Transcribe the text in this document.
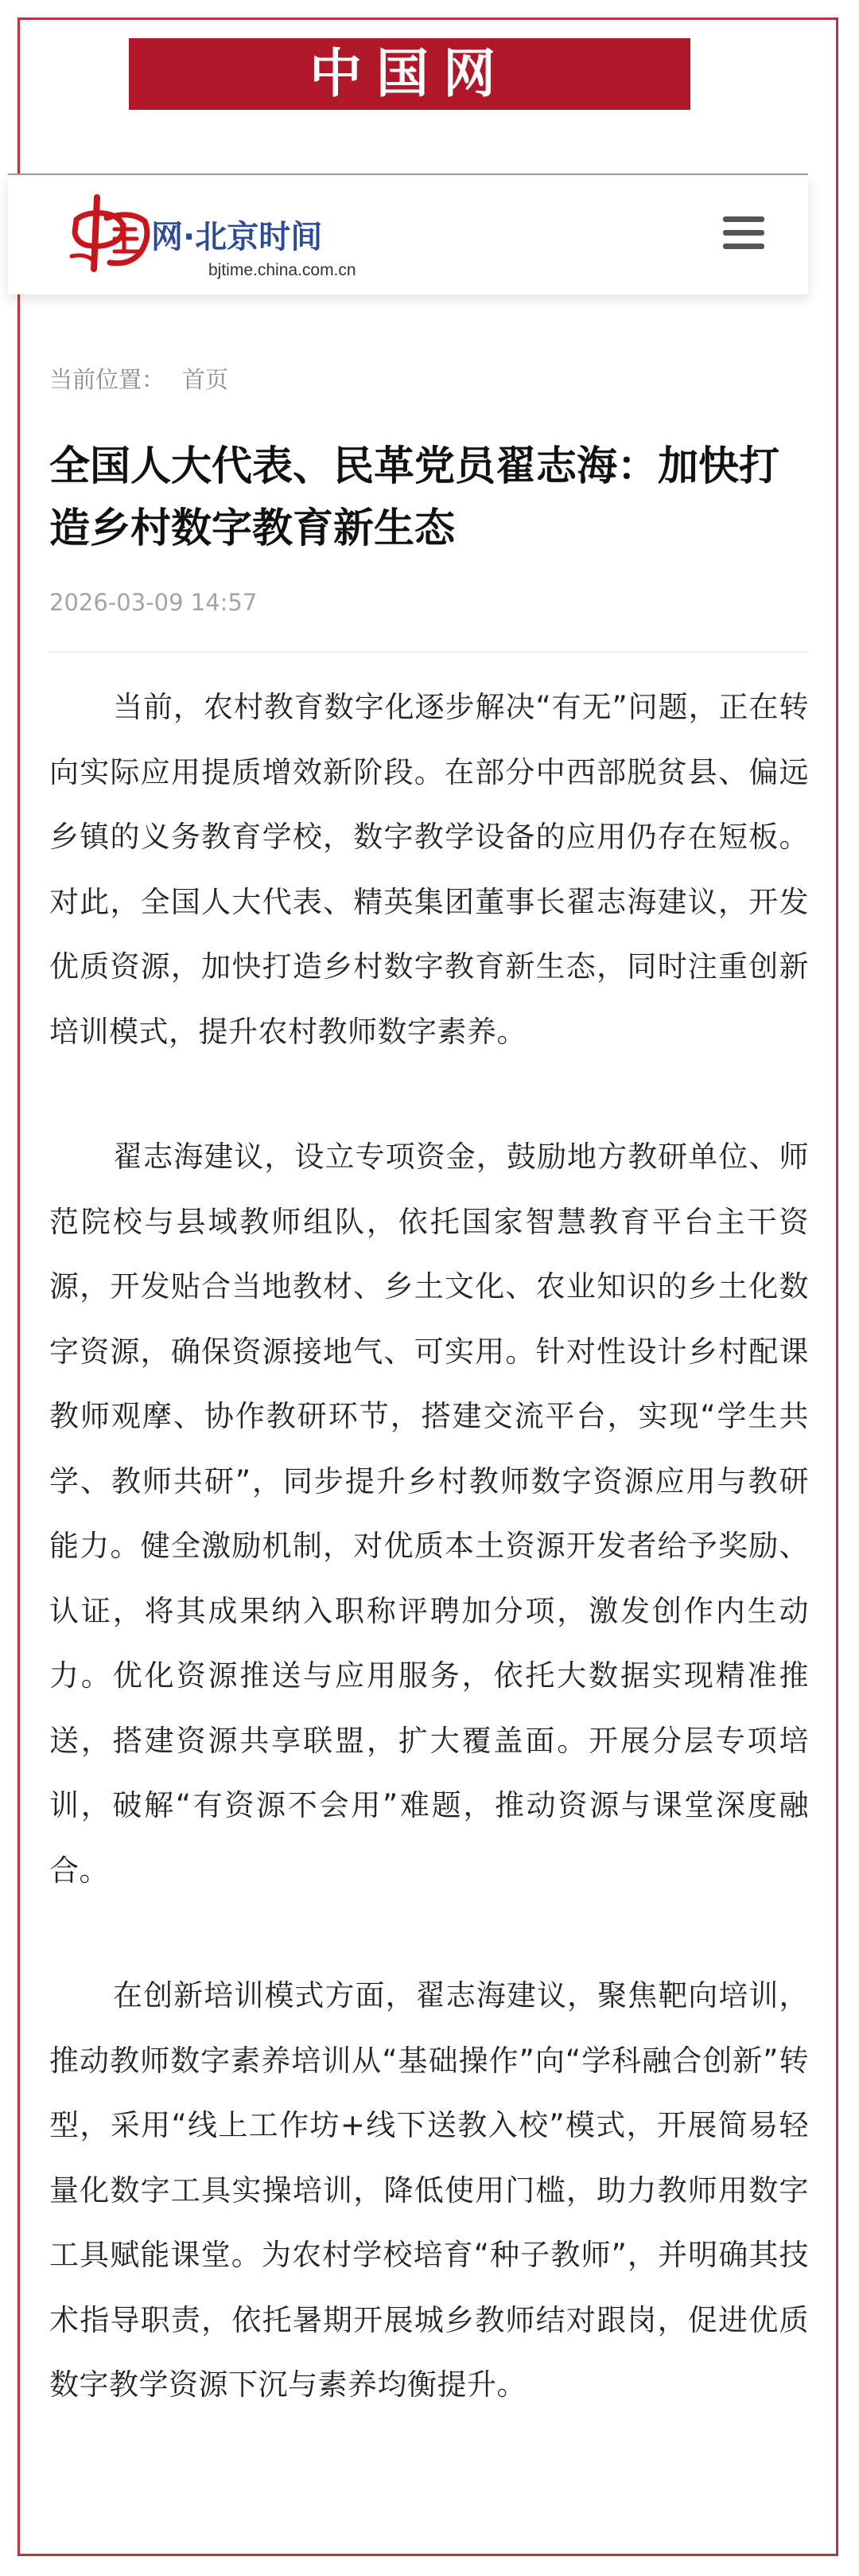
中国网
网·北京时间
bjtime.china.com.cn
当前位置： 首页
全国人大代表、民革党员翟志海：加快打造乡村数字教育新生态
2026-03-09 14:57

当前，农村教育数字化逐步解决“有无”问题，正在转向实际应用提质增效新阶段。在部分中西部脱贫县、偏远乡镇的义务教育学校，数字教学设备的应用仍存在短板。对此，全国人大代表、精英集团董事长翟志海建议，开发优质资源，加快打造乡村数字教育新生态，同时注重创新培训模式，提升农村教师数字素养。

翟志海建议，设立专项资金，鼓励地方教研单位、师范院校与县域教师组队，依托国家智慧教育平台主干资源，开发贴合当地教材、乡土文化、农业知识的乡土化数字资源，确保资源接地气、可实用。针对性设计乡村配课教师观摩、协作教研环节，搭建交流平台，实现“学生共学、教师共研”，同步提升乡村教师数字资源应用与教研能力。健全激励机制，对优质本土资源开发者给予奖励、认证，将其成果纳入职称评聘加分项，激发创作内生动力。优化资源推送与应用服务，依托大数据实现精准推送，搭建资源共享联盟，扩大覆盖面。开展分层专项培训，破解“有资源不会用”难题，推动资源与课堂深度融合。

在创新培训模式方面，翟志海建议，聚焦靶向培训，推动教师数字素养培训从“基础操作”向“学科融合创新”转型，采用“线上工作坊+线下送教入校”模式，开展简易轻量化数字工具实操培训，降低使用门槛，助力教师用数字工具赋能课堂。为农村学校培育“种子教师”，并明确其技术指导职责，依托暑期开展城乡教师结对跟岗，促进优质数字教学资源下沉与素养均衡提升。
